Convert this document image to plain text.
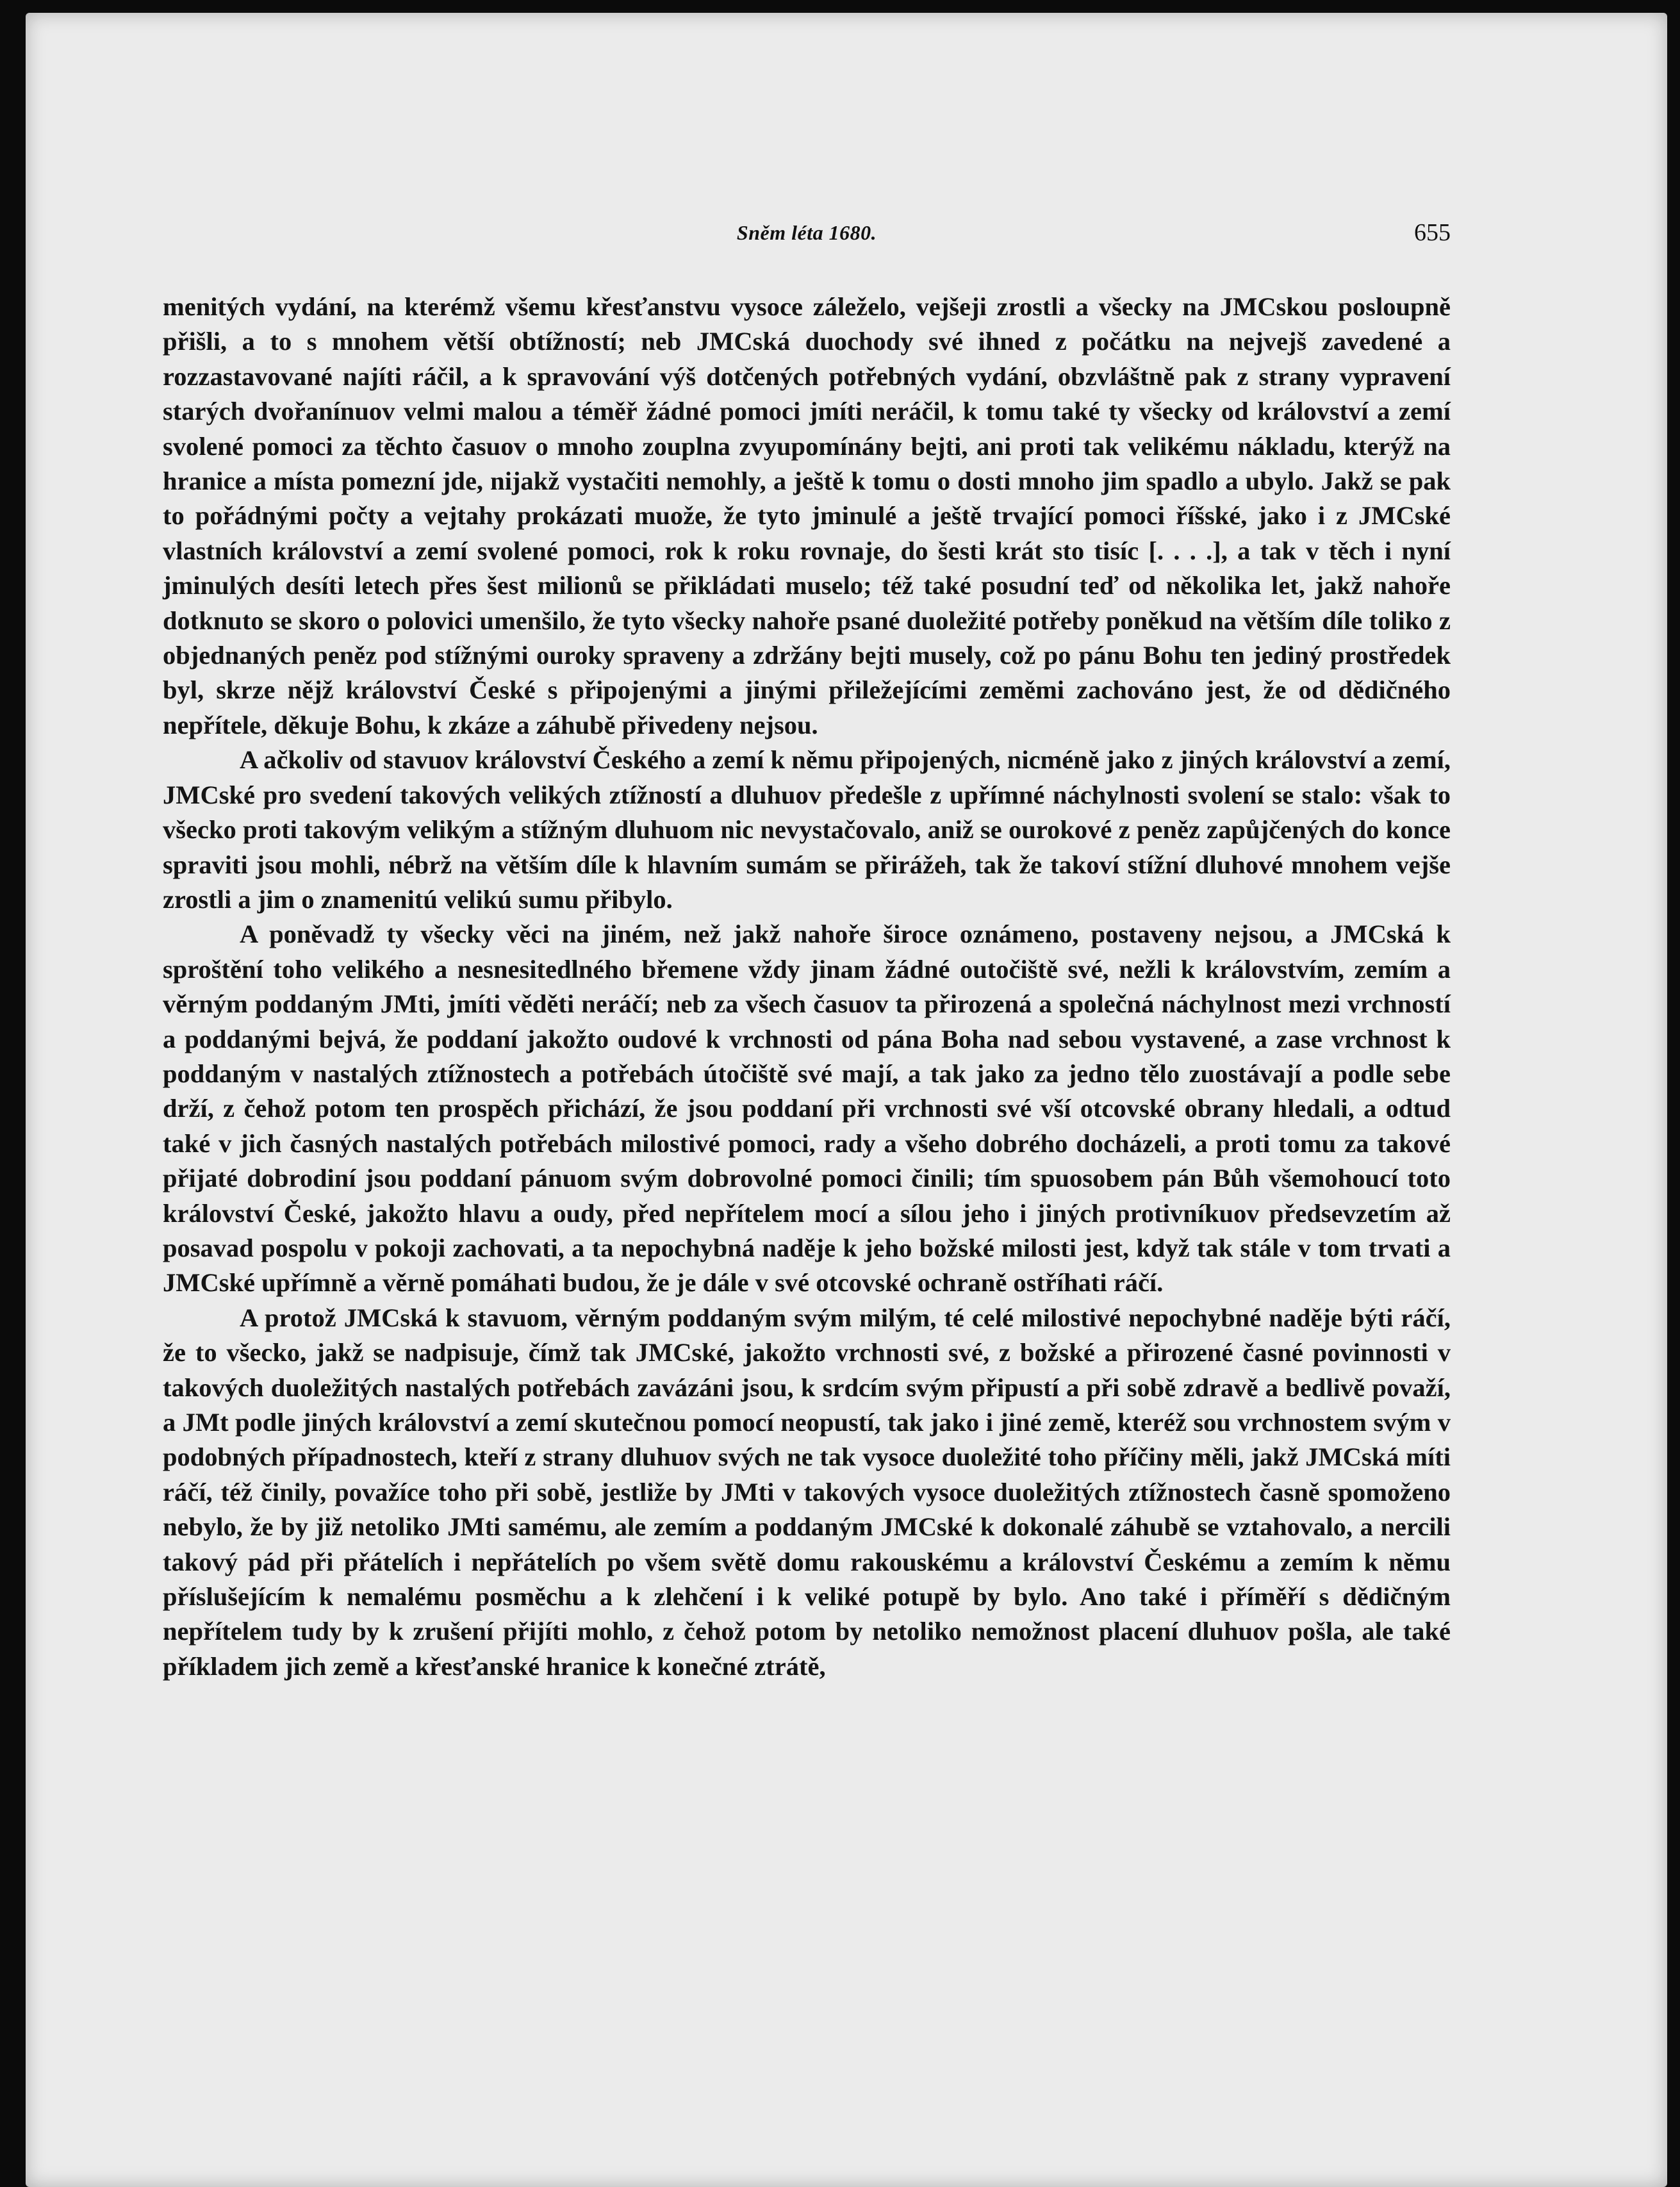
Sněm léta 1680.	655

menitých vydání, na kterémž všemu křesťanstvu vysoce záleželo, vejšeji zrostli a všecky na JMCskou posloupně přišli, a to s mnohem větší obtížností; neb JMCská duochody své ihned z počátku na nejvejš zavedené a rozzastavované najíti ráčil, a k spravování výš dotčených potřebných vydání, obzvláštně pak z strany vypravení starých dvořanínuov velmi malou a téměř žádné pomoci jmíti neráčil, k tomu také ty všecky od království a zemí svolené pomoci za těchto časuov o mnoho zouplna zvyupomínány bejti, ani proti tak velikému nákladu, kterýž na hranice a místa pomezní jde, nijakž vystačiti nemohly, a ještě k tomu o dosti mnoho jim spadlo a ubylo. Jakž se pak to pořádnými počty a vejtahy prokázati muože, že tyto jminulé a ještě trvající pomoci říšské, jako i z JMCské vlastních království a zemí svolené pomoci, rok k roku rovnaje, do šesti krát sto tisíc [. . . .], a tak v těch i nyní jminulých desíti letech přes šest milionů se přikládati muselo; též také posudní teď od několika let, jakž nahoře dotknuto se skoro o polovici umenšilo, že tyto všecky nahoře psané duoležité potřeby poněkud na větším díle toliko z objednaných peněz pod stížnými ouroky spraveny a zdržány bejti musely, což po pánu Bohu ten jediný prostředek byl, skrze nějž království České s připojenými a jinými přiležejícími zeměmi zachováno jest, že od dědičného nepřítele, děkuje Bohu, k zkáze a záhubě přivedeny nejsou.

A ačkoliv od stavuov království Českého a zemí k němu připojených, nicméně jako z jiných království a zemí, JMCské pro svedení takových velikých ztížností a dluhuov předešle z upřímné náchylnosti svolení se stalo: však to všecko proti takovým velikým a stížným dluhuom nic nevystačovalo, aniž se ourokové z peněz zapůjčených do konce spraviti jsou mohli, nébrž na větším díle k hlavním sumám se přirážeh, tak že takoví stížní dluhové mnohem vejše zrostli a jim o znamenitú velikú sumu přibylo.

A poněvadž ty všecky věci na jiném, než jakž nahoře široce oznámeno, postaveny nejsou, a JMCská k sproštění toho velikého a nesnesitedlného břemene vždy jinam žádné outočiště své, nežli k královstvím, zemím a věrným poddaným JMti, jmíti věděti neráčí; neb za všech časuov ta přirozená a společná náchylnost mezi vrchností a poddanými bejvá, že poddaní jakožto oudové k vrchnosti od pána Boha nad sebou vystavené, a zase vrchnost k poddaným v nastalých ztížnostech a potřebách útočiště své mají, a tak jako za jedno tělo zuostávají a podle sebe drží, z čehož potom ten prospěch přichází, že jsou poddaní při vrchnosti své vší otcovské obrany hledali, a odtud také v jich časných nastalých potřebách milostivé pomoci, rady a všeho dobrého docházeli, a proti tomu za takové přijaté dobrodiní jsou poddaní pánuom svým dobrovolné pomoci činili; tím spuosobem pán Bůh všemohoucí toto království České, jakožto hlavu a oudy, před nepřítelem mocí a sílou jeho i jiných protivníkuov předsevzetím až posavad pospolu v pokoji zachovati, a ta nepochybná naděje k jeho božské milosti jest, když tak stále v tom trvati a JMCské upřímně a věrně pomáhati budou, že je dále v své otcovské ochraně ostříhati ráčí.

A protož JMCská k stavuom, věrným poddaným svým milým, té celé milostivé nepochybné naděje býti ráčí, že to všecko, jakž se nadpisuje, čímž tak JMCské, jakožto vrchnosti své, z božské a přirozené časné povinnosti v takových duoležitých nastalých potřebách zavázáni jsou, k srdcím svým připustí a při sobě zdravě a bedlivě považí, a JMt podle jiných království a zemí skutečnou pomocí neopustí, tak jako i jiné země, kteréž sou vrchnostem svým v podobných případnostech, kteří z strany dluhuov svých ne tak vysoce duoležité toho příčiny měli, jakž JMCská míti ráčí, též činily, považíce toho při sobě, jestliže by JMti v takových vysoce duoležitých ztížnostech časně spomoženo nebylo, že by již netoliko JMti samému, ale zemím a poddaným JMCské k dokonalé záhubě se vztahovalo, a nercili takový pád při přátelích i nepřátelích po všem světě domu rakouskému a království Českému a zemím k němu příslušejícím k nemalému posměchu a k zlehčení i k veliké potupě by bylo. Ano také i příměří s dědičným nepřítelem tudy by k zrušení přijíti mohlo, z čehož potom by netoliko nemožnost placení dluhuov pošla, ale také příkladem jich země a křesťanské hranice k konečné ztrátě,
